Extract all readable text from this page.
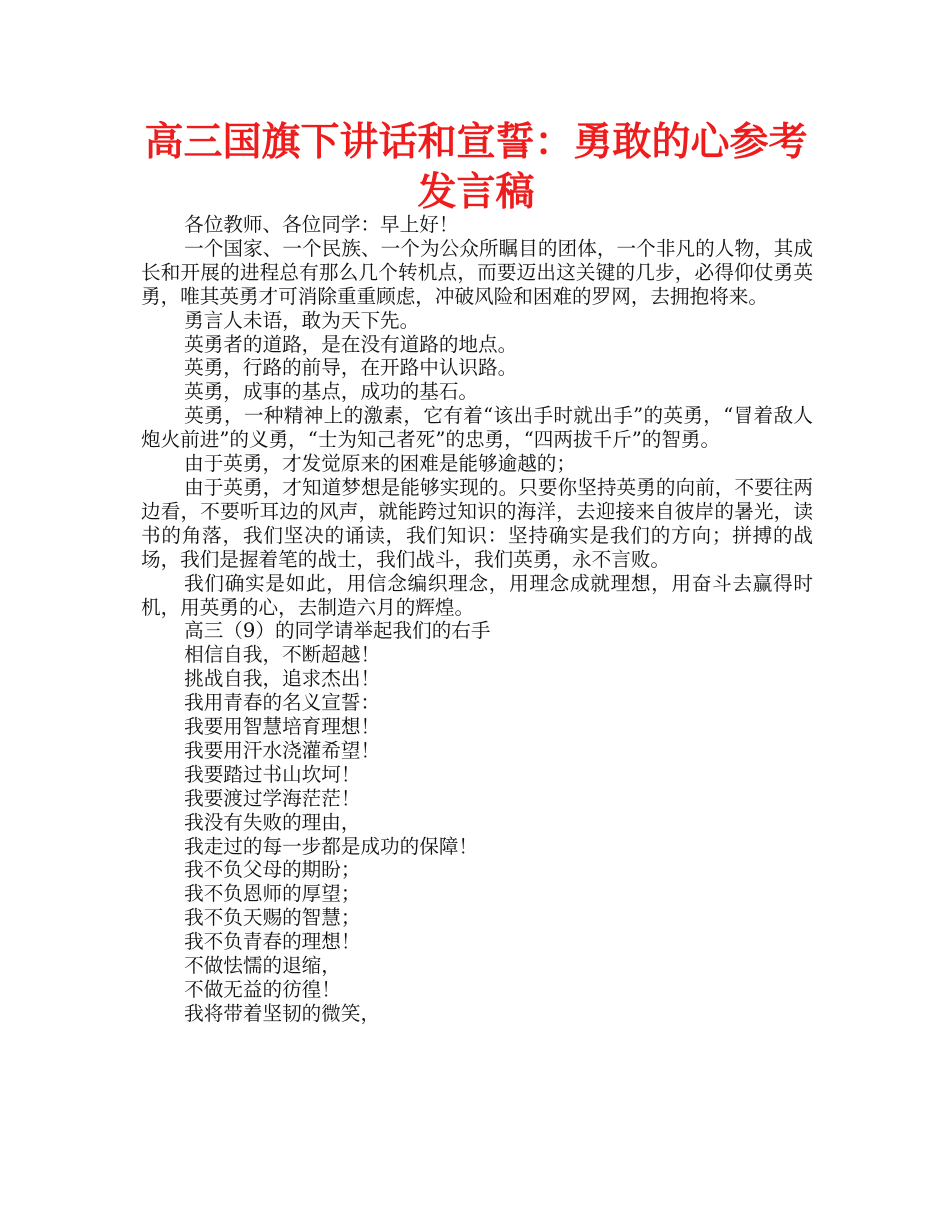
高三国旗下讲话和宣誓：勇敢的心参考发言稿

各位教师、各位同学：早上好！

一个国家、一个民族、一个为公众所瞩目的团体，一个非凡的人物，其成长和开展的进程总有那么几个转机点，而要迈出这关键的几步，必得仰仗勇英勇，唯其英勇才可消除重重顾虑，冲破风险和困难的罗网，去拥抱将来。

勇言人未语，敢为天下先。

英勇者的道路，是在没有道路的地点。

英勇，行路的前导，在开路中认识路。

英勇，成事的基点，成功的基石。

英勇，一种精神上的激素，它有着“该出手时就出手”的英勇，“冒着敌人炮火前进”的义勇，“士为知己者死”的忠勇，“四两拔千斤”的智勇。

由于英勇，才发觉原来的困难是能够逾越的；

由于英勇，才知道梦想是能够实现的。只要你坚持英勇的向前，不要往两边看，不要听耳边的风声，就能跨过知识的海洋，去迎接来自彼岸的暑光，读书的角落，我们坚决的诵读，我们知识：坚持确实是我们的方向；拼搏的战场，我们是握着笔的战士，我们战斗，我们英勇，永不言败。

我们确实是如此，用信念编织理念，用理念成就理想，用奋斗去赢得时机，用英勇的心，去制造六月的辉煌。

高三（9）的同学请举起我们的右手

相信自我，不断超越！

挑战自我，追求杰出！

我用青春的名义宣誓：

我要用智慧培育理想！

我要用汗水浇灌希望！

我要踏过书山坎坷！

我要渡过学海茫茫！

我没有失败的理由，

我走过的每一步都是成功的保障！

我不负父母的期盼；

我不负恩师的厚望；

我不负天赐的智慧；

我不负青春的理想！

不做怯懦的退缩，

不做无益的彷徨！

我将带着坚韧的微笑，
